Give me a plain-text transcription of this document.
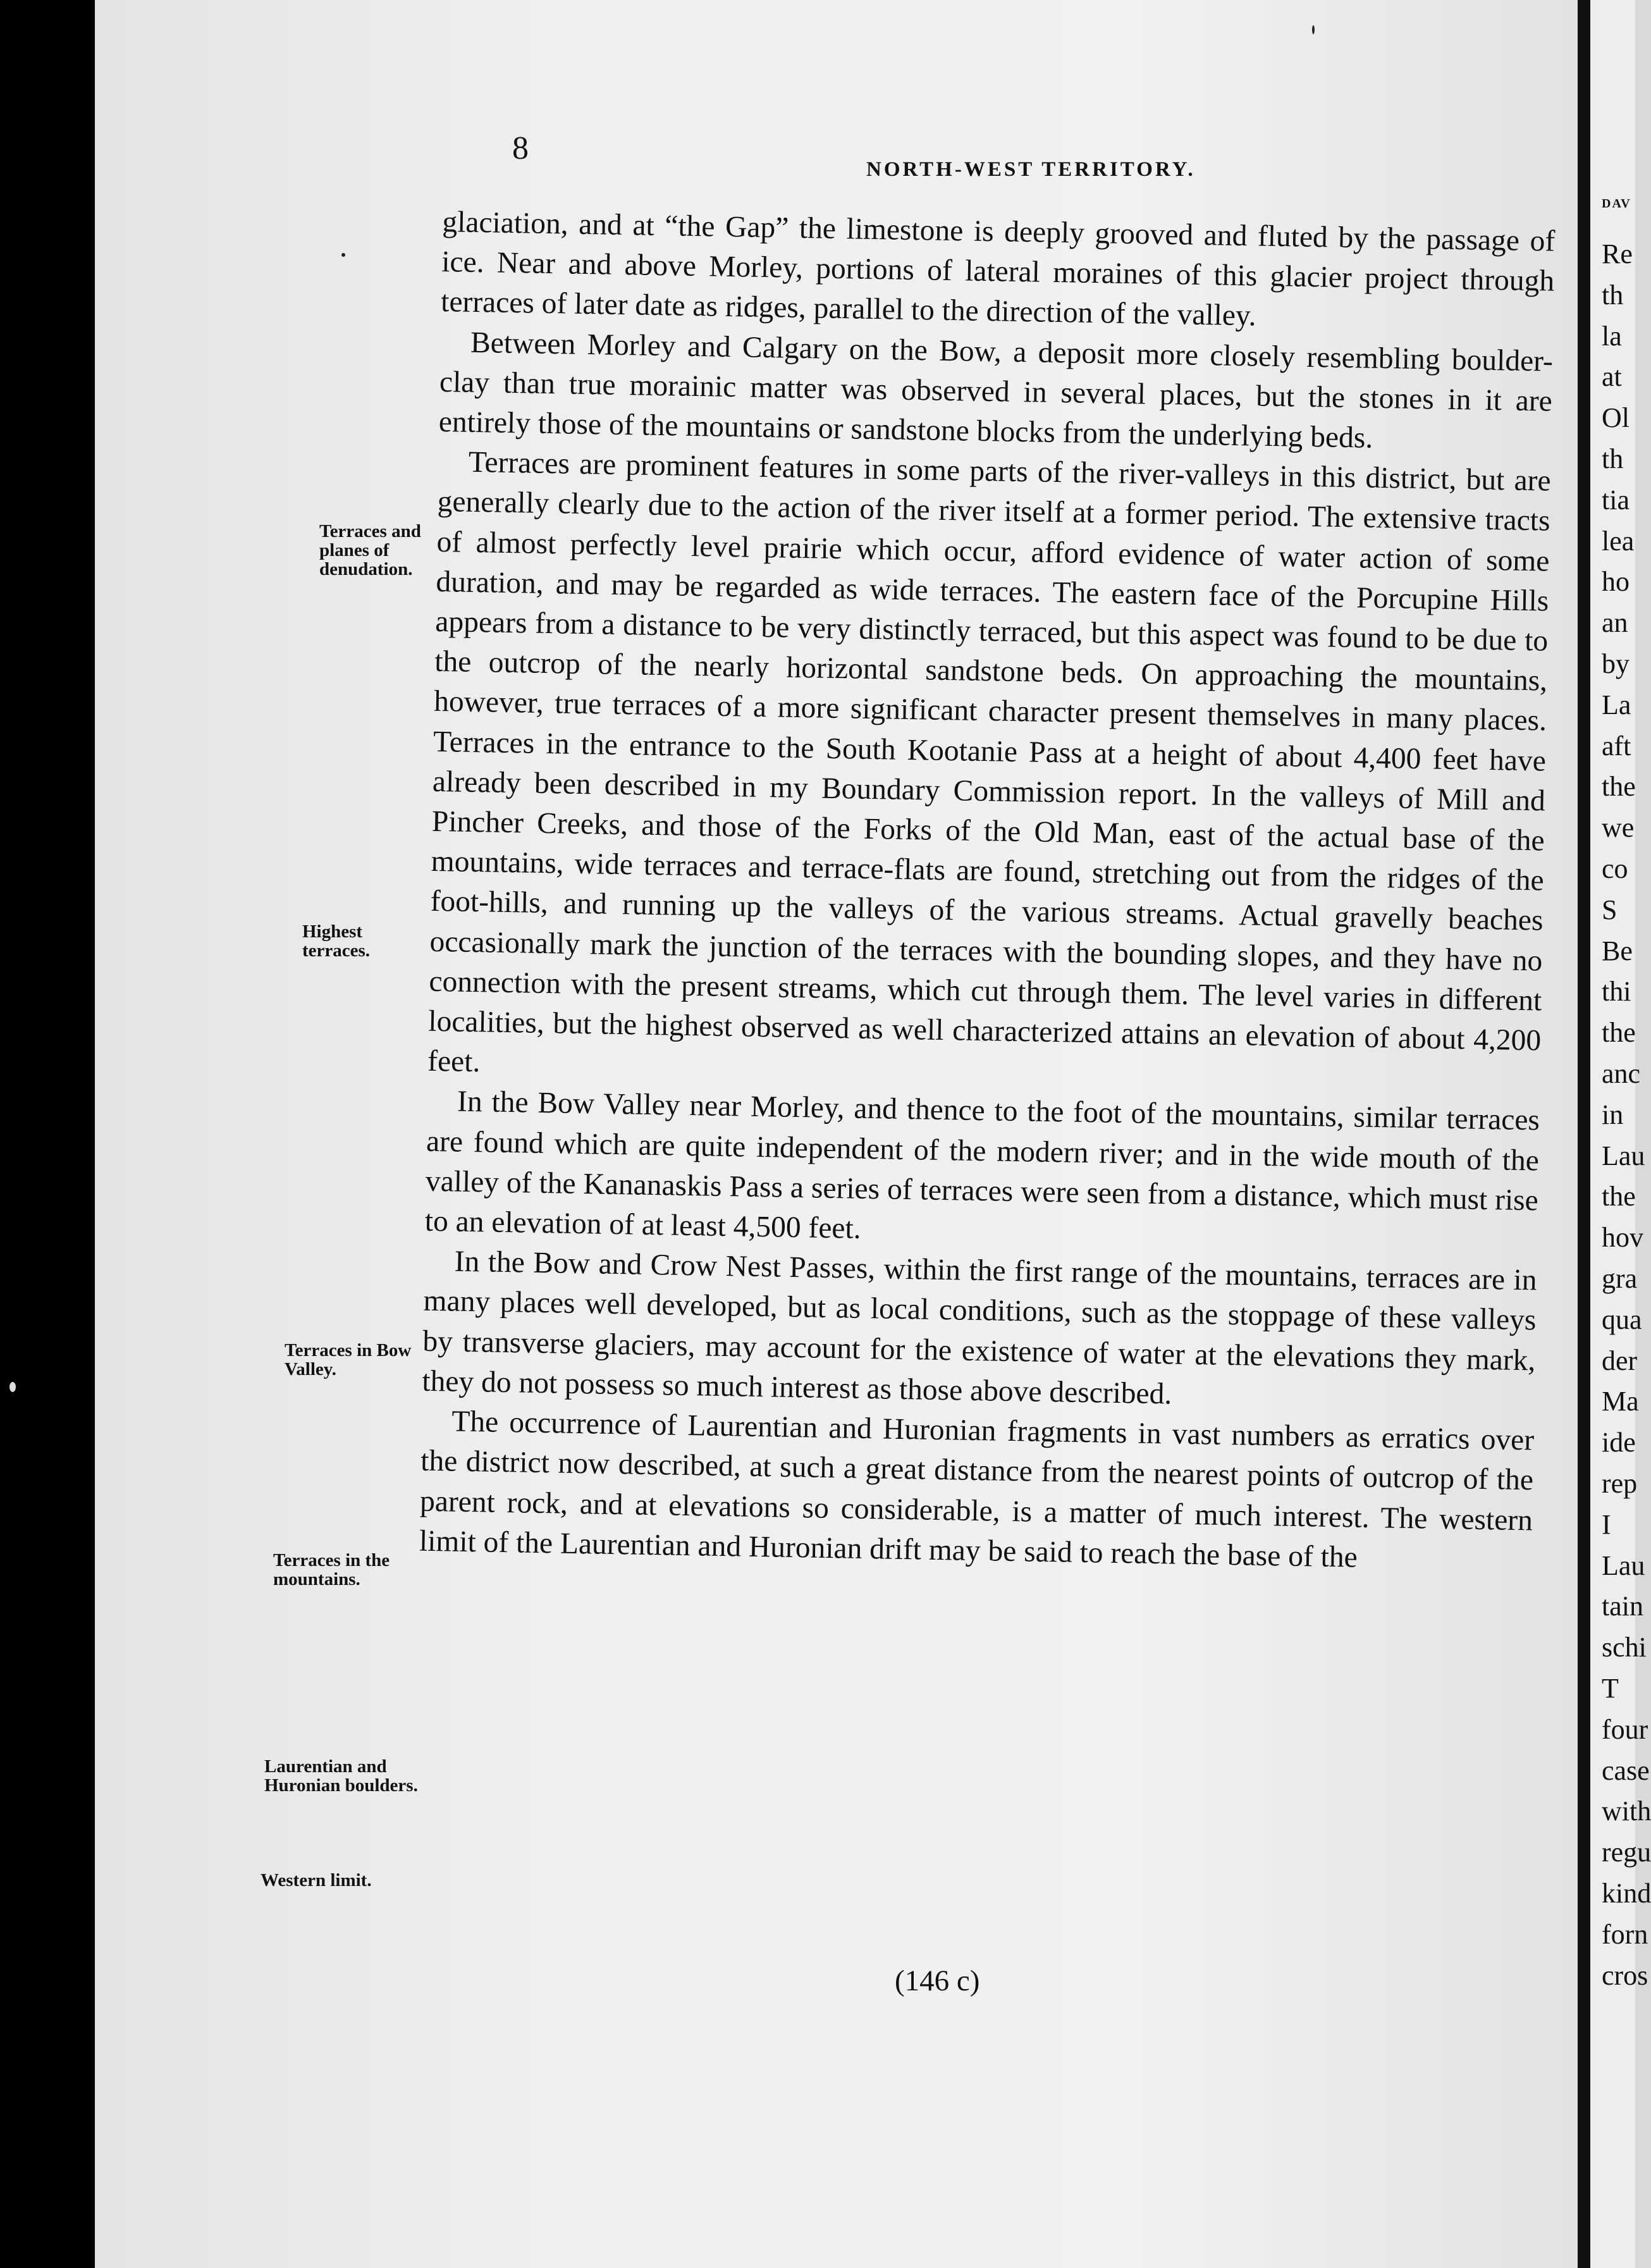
8
NORTH-WEST TERRITORY.

glaciation, and at “the Gap” the limestone is deeply grooved and fluted by the passage of ice. Near and above Morley, portions of lateral moraines of this glacier project through terraces of later date as ridges, parallel to the direction of the valley.

Between Morley and Calgary on the Bow, a deposit more closely resembling boulder-clay than true morainic matter was observed in several places, but the stones in it are entirely those of the mountains or sandstone blocks from the underlying beds.

Terraces are prominent features in some parts of the river-valleys in this district, but are generally clearly due to the action of the river itself at a former period. The extensive tracts of almost perfectly level prairie which occur, afford evidence of water action of some duration, and may be regarded as wide terraces. The eastern face of the Porcupine Hills appears from a distance to be very distinctly terraced, but this aspect was found to be due to the outcrop of the nearly horizontal sandstone beds. On approaching the mountains, however, true terraces of a more significant character present themselves in many places. Terraces in the entrance to the South Kootanie Pass at a height of about 4,400 feet have already been described in my Boundary Commission report. In the valleys of Mill and Pincher Creeks, and those of the Forks of the Old Man, east of the actual base of the mountains, wide terraces and terrace-flats are found, stretching out from the ridges of the foot-hills, and running up the valleys of the various streams. Actual gravelly beaches occasionally mark the junction of the terraces with the bounding slopes, and they have no connection with the present streams, which cut through them. The level varies in different localities, but the highest observed as well characterized attains an elevation of about 4,200 feet.

In the Bow Valley near Morley, and thence to the foot of the mountains, similar terraces are found which are quite independent of the modern river; and in the wide mouth of the valley of the Kananaskis Pass a series of terraces were seen from a distance, which must rise to an elevation of at least 4,500 feet.

In the Bow and Crow Nest Passes, within the first range of the mountains, terraces are in many places well developed, but as local conditions, such as the stoppage of these valleys by transverse glaciers, may account for the existence of water at the elevations they mark, they do not possess so much interest as those above described.

The occurrence of Laurentian and Huronian fragments in vast numbers as erratics over the district now described, at such a great distance from the nearest points of outcrop of the parent rock, and at elevations so considerable, is a matter of much interest. The western limit of the Laurentian and Huronian drift may be said to reach the base of the

Terraces and planes of denudation.
Highest terraces.
Terraces in Bow Valley.
Terraces in the mountains.
Laurentian and Huronian boulders.
Western limit.
(146 c)
DAV
Re
th
la
at
Ol
th
tia
lea
ho
an
by
La
aft
the
we
co
S
Be
thi
the
anc
in
Lau
the
hov
gra
qua
der
Ma
ide
rep
I
Lau
tain
schi
T
four
case
with
regu
kind
forn
cros
